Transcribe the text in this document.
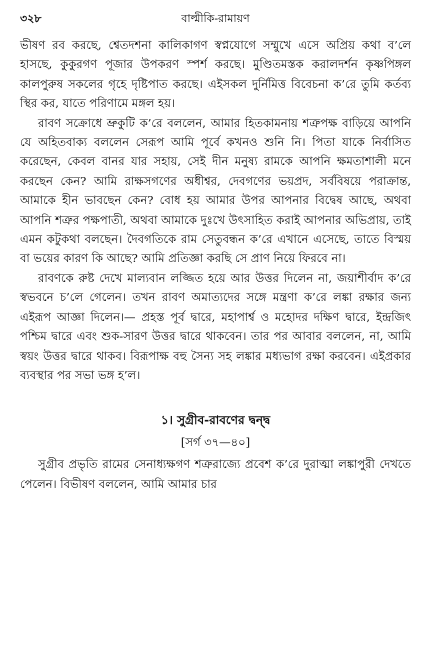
৩২৮	বাল্মীকি-রামায়ণ

ভীষণ রব করছে, শ্বেতদশনা কালিকাগণ স্বপ্নযোগে সম্মুখে এসে অপ্রিয় কথা ব’লে হাসছে, কুকুরগণ পূজার উপকরণ স্পর্শ করছে। মুণ্ডিতমস্তক করালদর্শন কৃষ্ণপিঙ্গল কালপুরুষ সকলের গৃহে দৃষ্টিপাত করছে। এইসকল দুর্নিমিত্ত বিবেচনা ক’রে তুমি কর্তব্য স্থির কর, যাতে পরিণামে মঙ্গল হয়।

রাবণ সক্রোধে ভ্রুকুটি ক’রে বললেন, আমার হিতকামনায় শত্রুপক্ষ বাড়িয়ে আপনি যে অহিতবাক্য বললেন সেরূপ আমি পূর্বে কখনও শুনি নি। পিতা যাকে নির্বাসিত করেছেন, কেবল বানর যার সহায়, সেই দীন মনুষ্য রামকে আপনি ক্ষমতাশালী মনে করছেন কেন? আমি রাক্ষসগণের অধীশ্বর, দেবগণের ভয়প্রদ, সর্ববিষয়ে পরাক্রান্ত, আমাকে হীন ভাবছেন কেন? বোধ হয় আমার উপর আপনার বিদ্বেষ আছে, অথবা আপনি শত্রুর পক্ষপাতী, অথবা আমাকে দুঃখে উৎসাহিত করাই আপনার অভিপ্রায়, তাই এমন কটুকথা বলছেন। দৈবগতিকে রাম সেতুবন্ধন ক’রে এখানে এসেছে, তাতে বিস্ময় বা ভয়ের কারণ কি আছে? আমি প্রতিজ্ঞা করছি সে প্রাণ নিয়ে ফিরবে না।

রাবণকে রুষ্ট দেখে মাল্যবান লজ্জিত হয়ে আর উত্তর দিলেন না, জয়াশীর্বাদ ক’রে স্বভবনে চ’লে গেলেন। তখন রাবণ অমাত্যদের সঙ্গে মন্ত্রণা ক’রে লঙ্কা রক্ষার জন্য এইরূপ আজ্ঞা দিলেন।— প্রহস্ত পূর্ব দ্বারে, মহাপার্শ্ব ও মহোদর দক্ষিণ দ্বারে, ইন্দ্রজিৎ পশ্চিম দ্বারে এবং শুক-সারণ উত্তর দ্বারে থাকবেন। তার পর আবার বললেন, না, আমি স্বয়ং উত্তর দ্বারে থাকব। বিরূপাক্ষ বহু সৈন্য সহ লঙ্কার মধ্যভাগ রক্ষা করবেন। এইপ্রকার ব্যবস্থার পর সভা ভঙ্গ হ’ল।

১। সুগ্রীব-রাবণের দ্বন্দ্ব

[সর্গ ৩৭—৪০]

সুগ্রীব প্রভৃতি রামের সেনাধ্যক্ষগণ শত্রুরাজ্যে প্রবেশ ক’রে দুরাত্মা লঙ্কাপুরী দেখতে পেলেন। বিভীষণ বললেন, আমি আমার চার
